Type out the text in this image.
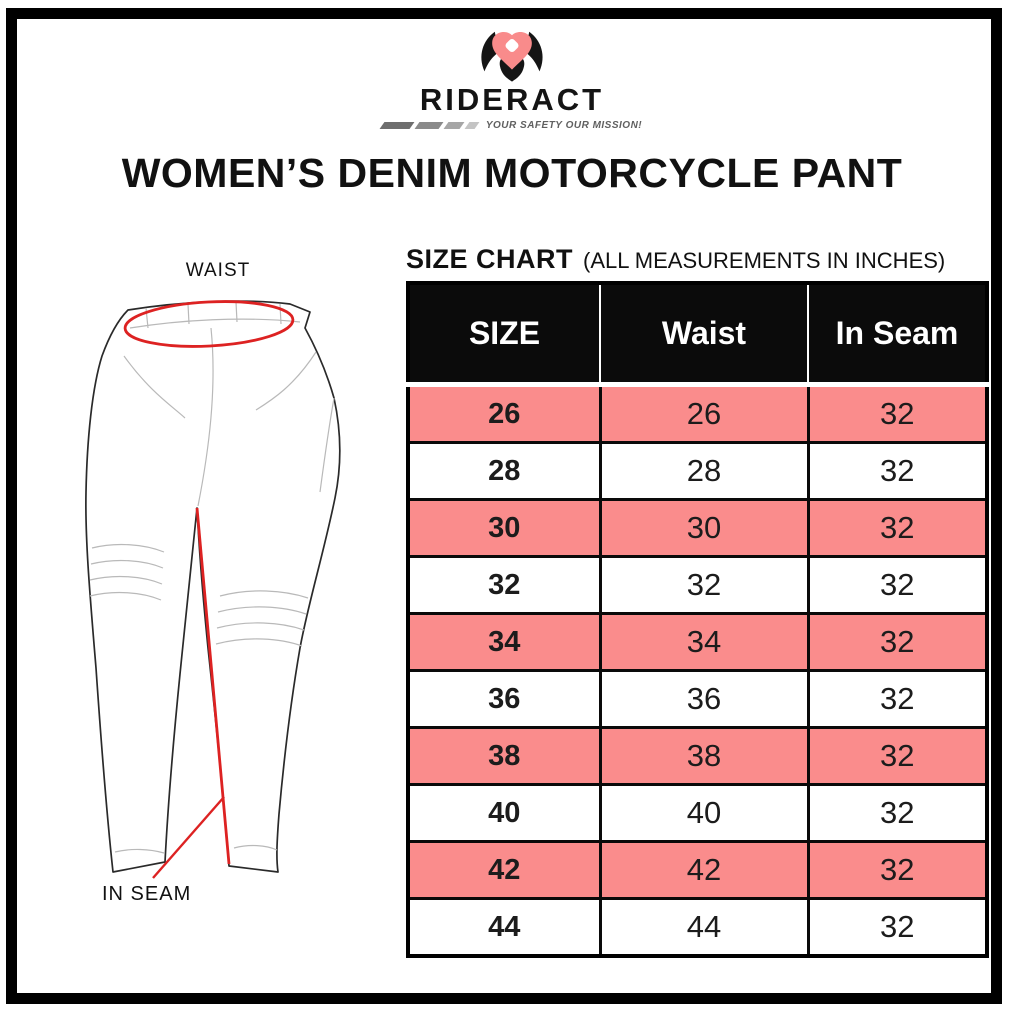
RIDERACT
YOUR SAFETY OUR MISSION!
WOMEN’S DENIM MOTORCYCLE PANT
WAIST
IN SEAM
SIZE CHART (ALL MEASUREMENTS IN INCHES)
SIZE	Waist	In Seam
26	26	32
28	28	32
30	30	32
32	32	32
34	34	32
36	36	32
38	38	32
40	40	32
42	42	32
44	44	32
